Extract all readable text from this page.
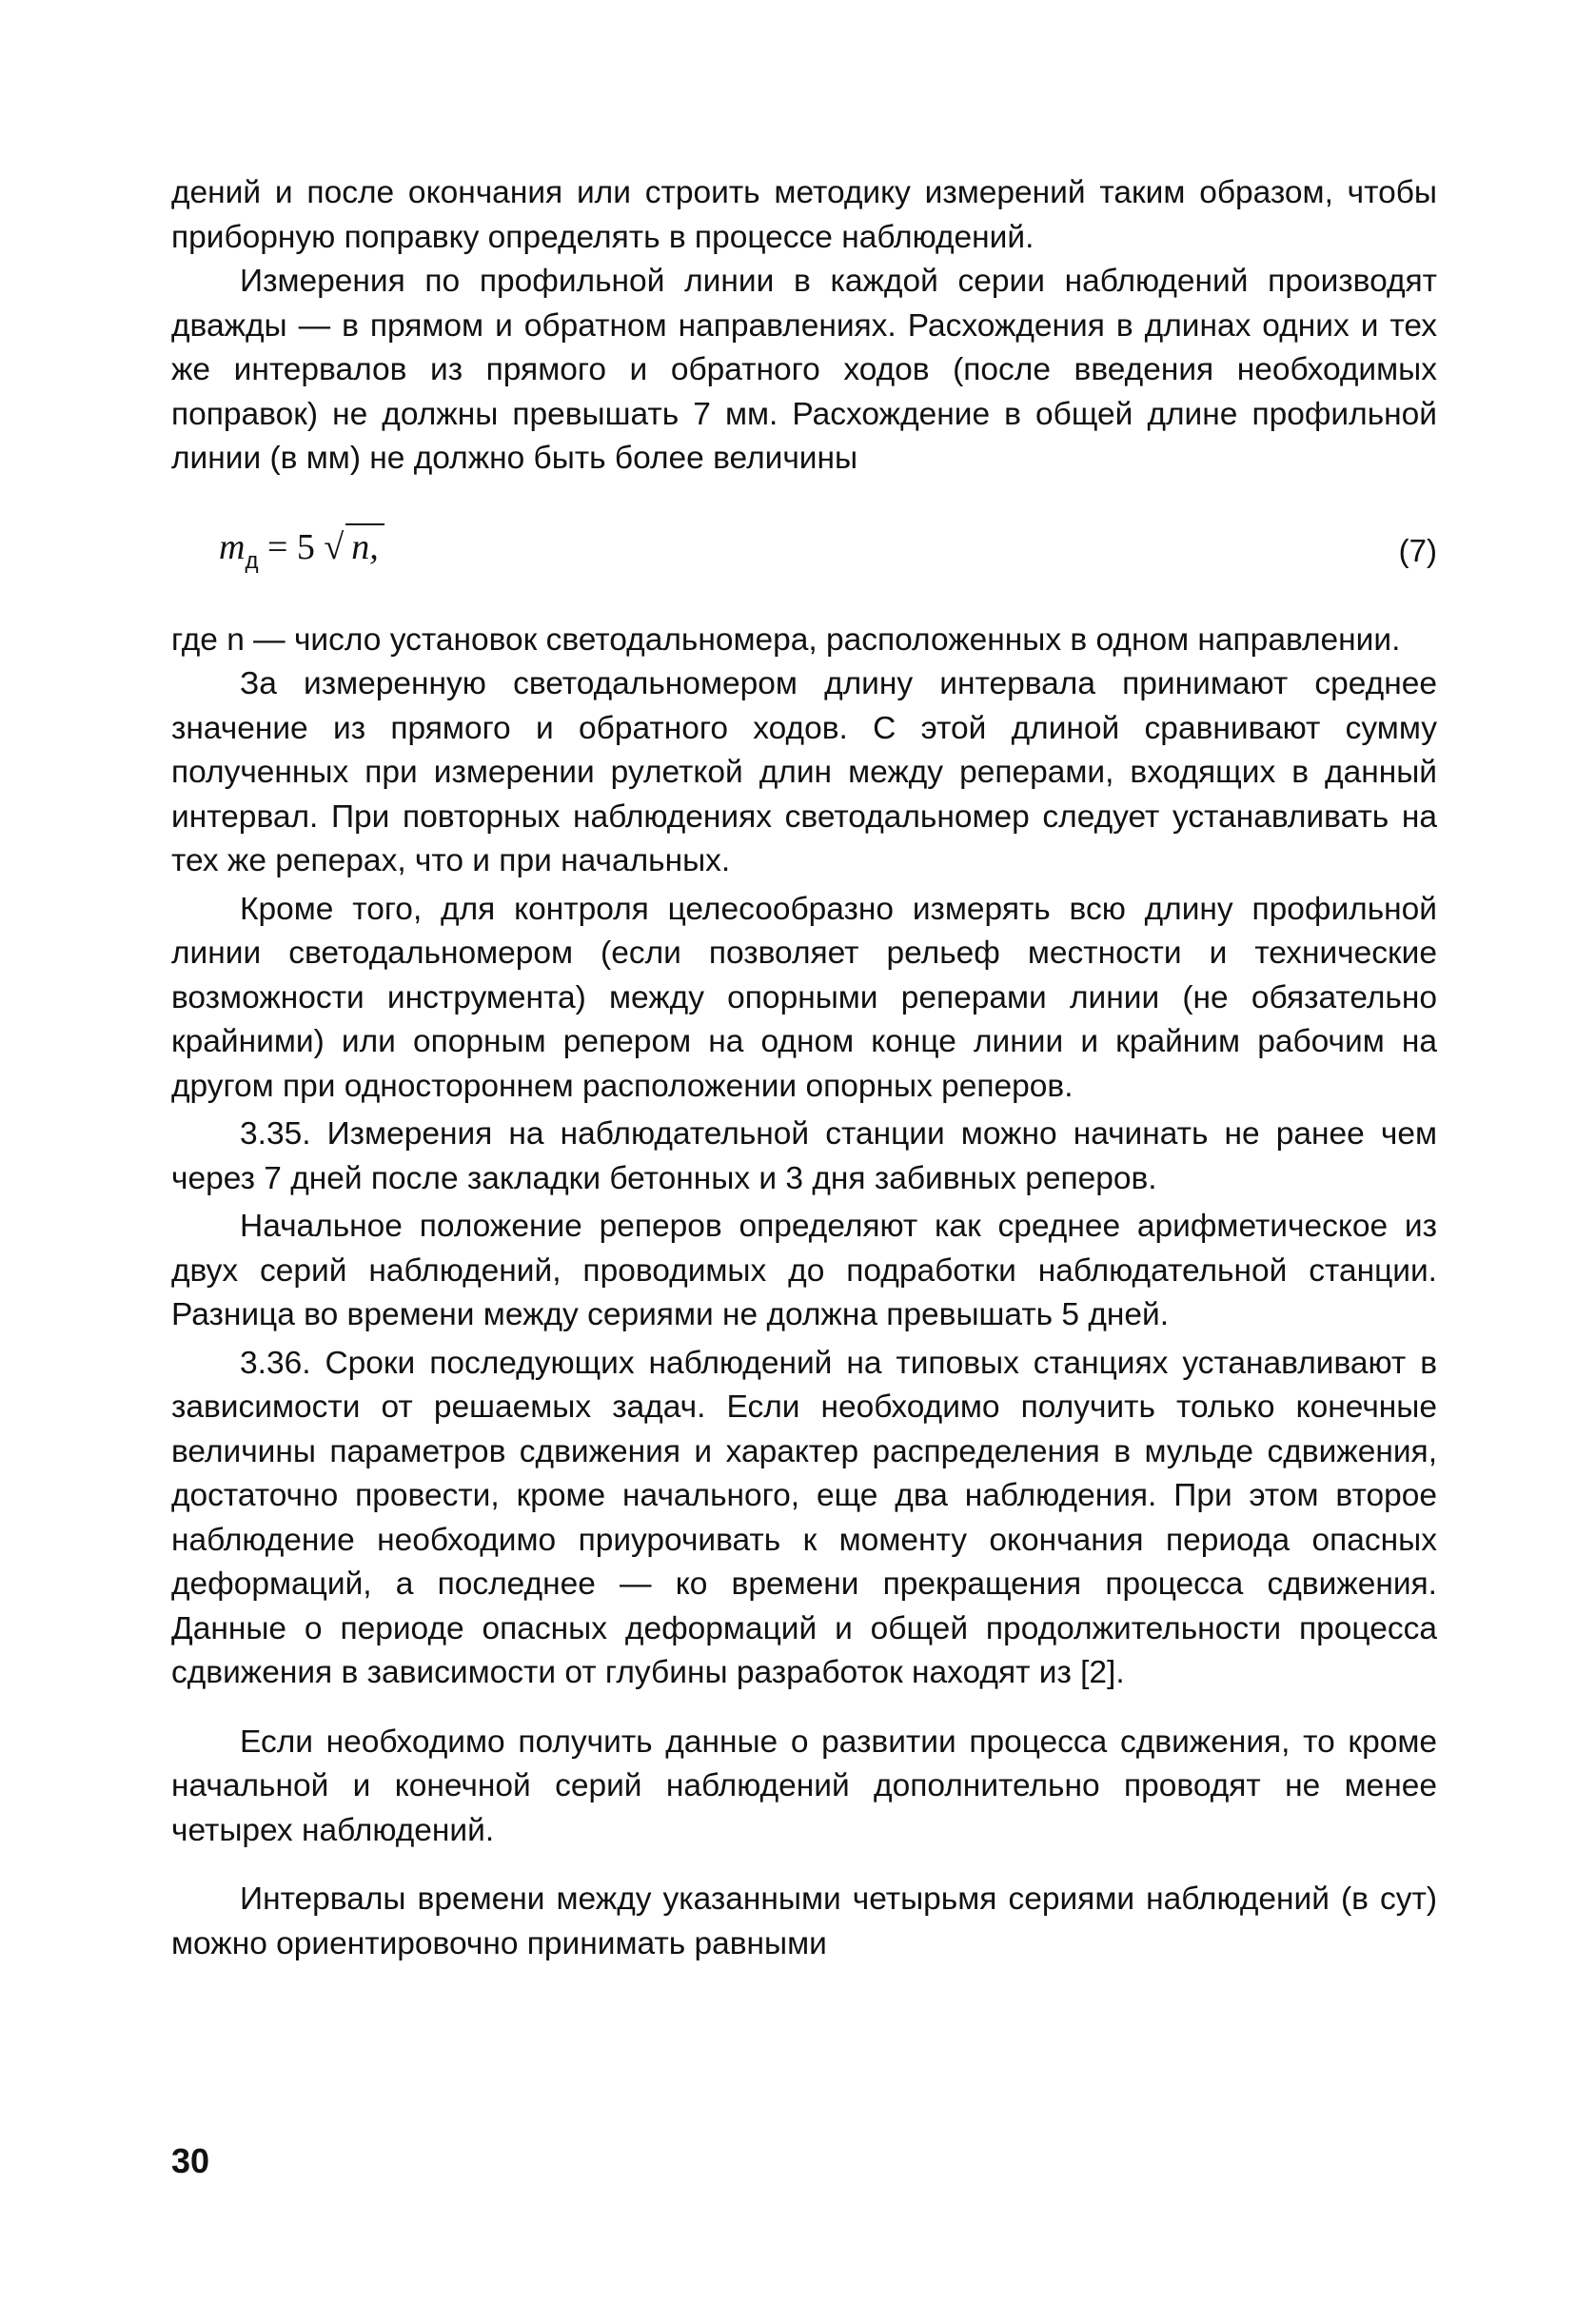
дений и после окончания или строить методику измерений таким образом, чтобы приборную поправку определять в процессе наблюдений.

Измерения по профильной линии в каждой серии наблюдений производят дважды — в прямом и обратном направлениях. Расхождения в длинах одних и тех же интервалов из прямого и обратного ходов (после введения необходимых поправок) не должны превышать 7 мм. Расхождение в общей длине профильной линии (в мм) не должно быть более величины

$m_д = 5$ √ n,	(7)

где n — число установок светодальномера, расположенных в одном направлении.

За измеренную светодальномером длину интервала принимают среднее значение из прямого и обратного ходов. С этой длиной сравнивают сумму полученных при измерении рулеткой длин между реперами, входящих в данный интервал. При повторных наблюдениях светодальномер следует устанавливать на тех же реперах, что и при начальных.

Кроме того, для контроля целесообразно измерять всю длину профильной линии светодальномером (если позволяет рельеф местности и технические возможности инструмента) между опорными реперами линии (не обязательно крайними) или опорным репером на одном конце линии и крайним рабочим на другом при одностороннем расположении опорных реперов.

3.35. Измерения на наблюдательной станции можно начинать не ранее чем через 7 дней после закладки бетонных и 3 дня забивных реперов.

Начальное положение реперов определяют как среднее арифметическое из двух серий наблюдений, проводимых до подработки наблюдательной станции. Разница во времени между сериями не должна превышать 5 дней.

3.36. Сроки последующих наблюдений на типовых станциях устанавливают в зависимости от решаемых задач. Если необходимо получить только конечные величины параметров сдвижения и характер распределения в мульде сдвижения, достаточно провести, кроме начального, еще два наблюдения. При этом второе наблюдение необходимо приурочивать к моменту окончания периода опасных деформаций, а последнее — ко времени прекращения процесса сдвижения. Данные о периоде опасных деформаций и общей продолжительности процесса сдвижения в зависимости от глубины разработок находят из [2].

Если необходимо получить данные о развитии процесса сдвижения, то кроме начальной и конечной серий наблюдений дополнительно проводят не менее четырех наблюдений.

Интервалы времени между указанными четырьмя сериями наблюдений (в сут) можно ориентировочно принимать равными

30
